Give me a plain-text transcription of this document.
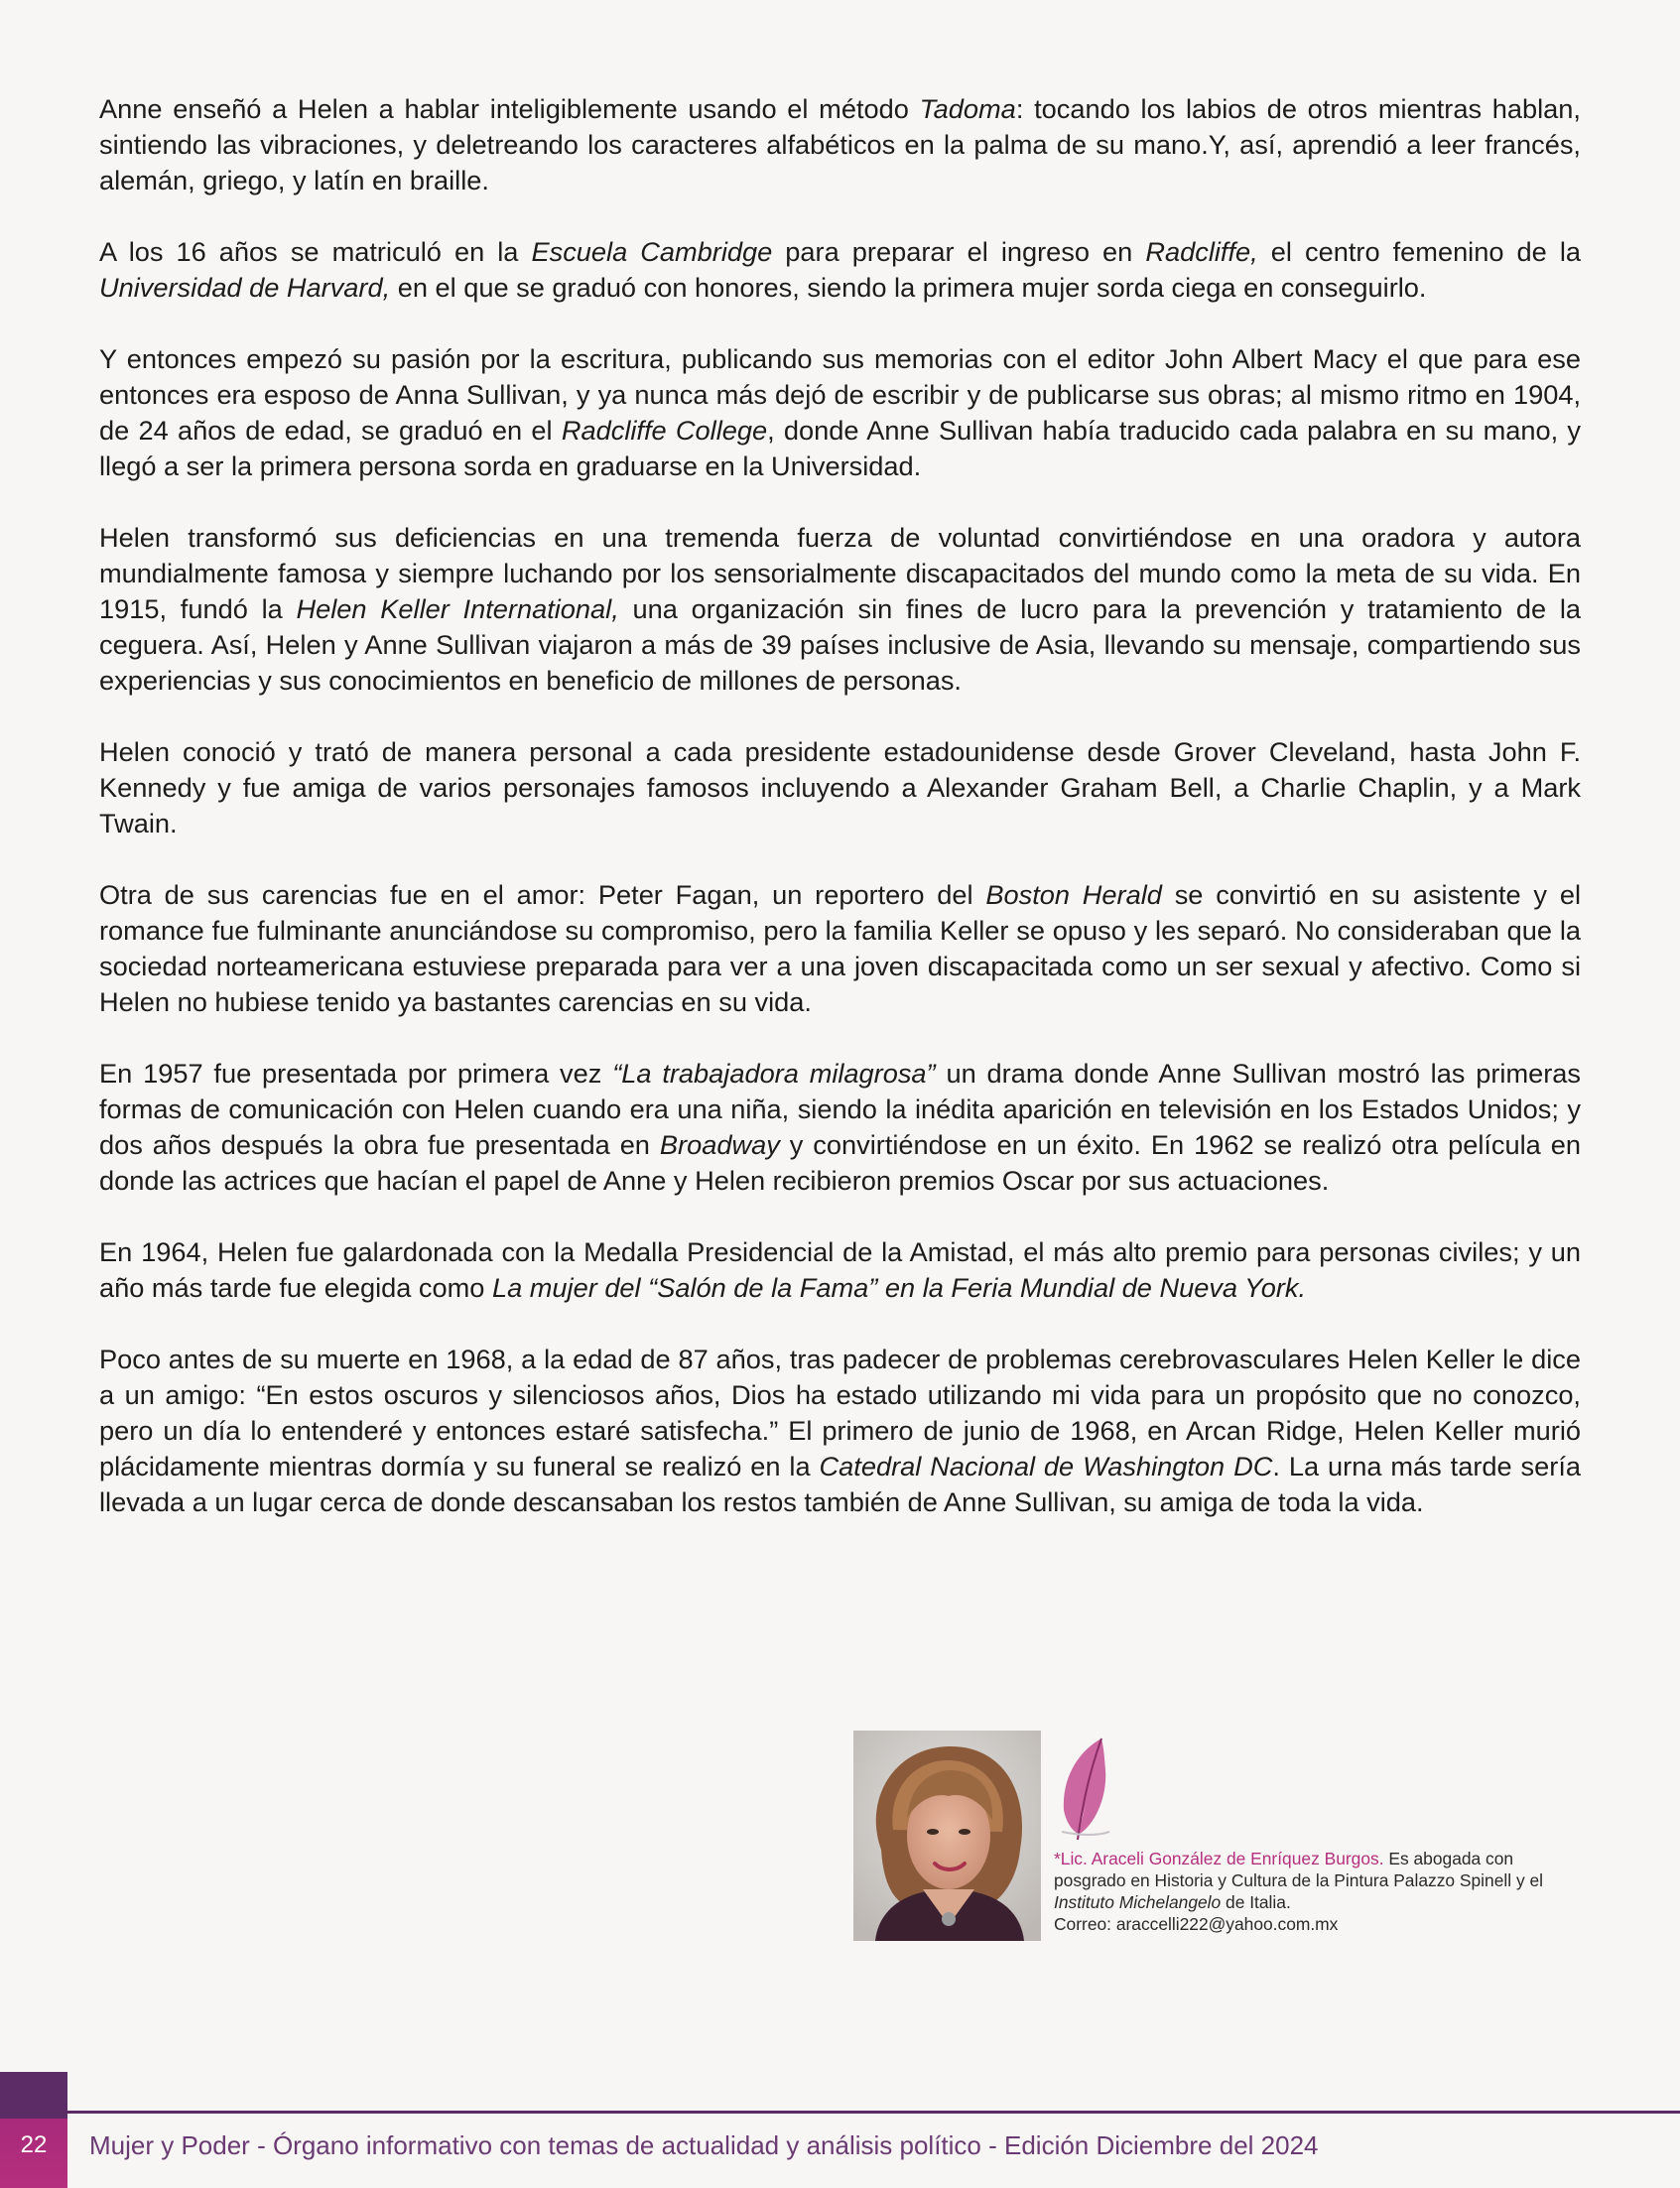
Anne enseñó a Helen a hablar inteligiblemente usando el método Tadoma: tocando los labios de otros mientras hablan, sintiendo las vibraciones, y deletreando los caracteres alfabéticos en la palma de su mano.Y, así, aprendió a leer francés, alemán, griego, y latín en braille.

A los 16 años se matriculó en la Escuela Cambridge para preparar el ingreso en Radcliffe, el centro femenino de la Universidad de Harvard, en el que se graduó con honores, siendo la primera mujer sorda ciega en conseguirlo.

Y entonces empezó su pasión por la escritura, publicando sus memorias con el editor John Albert Macy el que para ese entonces era esposo de Anna Sullivan, y ya nunca más dejó de escribir y de publicarse sus obras; al mismo ritmo en 1904, de 24 años de edad, se graduó en el Radcliffe College, donde Anne Sullivan había traducido cada palabra en su mano, y llegó a ser la primera persona sorda en graduarse en la Universidad.

Helen transformó sus deficiencias en una tremenda fuerza de voluntad convirtiéndose en una oradora y autora mundialmente famosa y siempre luchando por los sensorialmente discapacitados del mundo como la meta de su vida. En 1915, fundó la Helen Keller International, una organización sin fines de lucro para la prevención y tratamiento de la ceguera. Así, Helen y Anne Sullivan viajaron a más de 39 países inclusive de Asia, llevando su mensaje, compartiendo sus experiencias y sus conocimientos en beneficio de millones de personas.

Helen conoció y trató de manera personal a cada presidente estadounidense desde Grover Cleveland, hasta John F. Kennedy y fue amiga de varios personajes famosos incluyendo a Alexander Graham Bell, a Charlie Chaplin, y a Mark Twain.

Otra de sus carencias fue en el amor: Peter Fagan, un reportero del Boston Herald se convirtió en su asistente y el romance fue fulminante anunciándose su compromiso, pero la familia Keller se opuso y les separó. No consideraban que la sociedad norteamericana estuviese preparada para ver a una joven discapacitada como un ser sexual y afectivo. Como si Helen no hubiese tenido ya bastantes carencias en su vida.

En 1957 fue presentada por primera vez “La trabajadora milagrosa” un drama donde Anne Sullivan mostró las primeras formas de comunicación con Helen cuando era una niña, siendo la inédita aparición en televisión en los Estados Unidos; y dos años después la obra fue presentada en Broadway y convirtiéndose en un éxito. En 1962 se realizó otra película en donde las actrices que hacían el papel de Anne y Helen recibieron premios Oscar por sus actuaciones.

En 1964, Helen fue galardonada con la Medalla Presidencial de la Amistad, el más alto premio para personas civiles; y un año más tarde fue elegida como La mujer del “Salón de la Fama” en la Feria Mundial de Nueva York.

Poco antes de su muerte en 1968, a la edad de 87 años, tras padecer de problemas cerebrovasculares Helen Keller le dice a un amigo: “En estos oscuros y silenciosos años, Dios ha estado utilizando mi vida para un propósito que no conozco, pero un día lo entenderé y entonces estaré satisfecha.” El primero de junio de 1968, en Arcan Ridge, Helen Keller murió plácidamente mientras dormía y su funeral se realizó en la Catedral Nacional de Washington DC. La urna más tarde sería llevada a un lugar cerca de donde descansaban los restos también de Anne Sullivan, su amiga de toda la vida.

*Lic. Araceli González de Enríquez Burgos. Es abogada con posgrado en Historia y Cultura de la Pintura Palazzo Spinell y el Instituto Michelangelo de Italia.
Correo: araccelli222@yahoo.com.mx
22	Mujer y Poder - Órgano informativo con temas de actualidad y análisis político - Edición Diciembre del 2024
